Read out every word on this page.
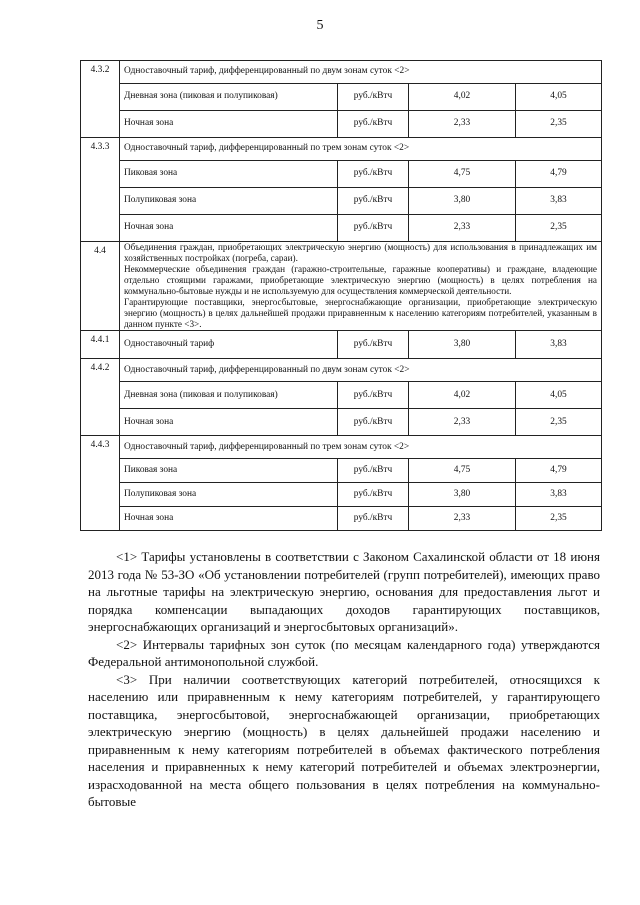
5
4.3.2	Одноставочный тариф, дифференцированный по двум зонам суток <2>			
	Дневная зона (пиковая и полупиковая)	руб./кВтч	4,02	4,05
	Ночная зона	руб./кВтч	2,33	2,35
4.3.3	Одноставочный тариф, дифференцированный по трем зонам суток <2>			
	Пиковая зона	руб./кВтч	4,75	4,79
	Полупиковая зона	руб./кВтч	3,80	3,83
	Ночная зона	руб./кВтч	2,33	2,35
4.4	Объединения граждан, приобретающих электрическую энергию (мощность) для использования в принадлежащих им хозяйственных постройках (погреба, сараи).

Некоммерческие объединения граждан (гаражно-строительные, гаражные кооперативы) и граждане, владеющие отдельно стоящими гаражами, приобретающие электрическую энергию (мощность) в целях потребления на коммунально-бытовые нужды и не используемую для осуществления коммерческой деятельности.

Гарантирующие поставщики, энергосбытовые, энергоснабжающие организации, приобретающие электрическую энергию (мощность) в целях дальнейшей продажи приравненным к населению категориям потребителей, указанным в данном пункте <3>.			

4.4.1	Одноставочный тариф	руб./кВтч	3,80	3,83
4.4.2	Одноставочный тариф, дифференцированный по двум зонам суток <2>			
	Дневная зона (пиковая и полупиковая)	руб./кВтч	4,02	4,05
	Ночная зона	руб./кВтч	2,33	2,35
4.4.3	Одноставочный тариф, дифференцированный по трем зонам суток <2>			
	Пиковая зона	руб./кВтч	4,75	4,79
	Полупиковая зона	руб./кВтч	3,80	3,83
	Ночная зона	руб./кВтч	2,33	2,35

<1> Тарифы установлены в соответствии с Законом Сахалинской области от 18 июня 2013 года № 53-ЗО «Об установлении потребителей (групп потребителей), имеющих право на льготные тарифы на электрическую энергию, основания для предоставления льгот и порядка компенсации выпадающих доходов гарантирующих поставщиков, энергоснабжающих организаций и энергосбытовых организаций».

<2> Интервалы тарифных зон суток (по месяцам календарного года) утверждаются Федеральной антимонопольной службой.

<3> При наличии соответствующих категорий потребителей, относящихся к населению или приравненным к нему категориям потребителей, у гарантирующего поставщика, энергосбытовой, энергоснабжающей организации, приобретающих электрическую энергию (мощность) в целях дальнейшей продажи населению и приравненным к нему категориям потребителей в объемах фактического потребления населения и приравненных к нему категорий потребителей и объемах электроэнергии, израсходованной на места общего пользования в целях потребления на коммунально-бытовые
